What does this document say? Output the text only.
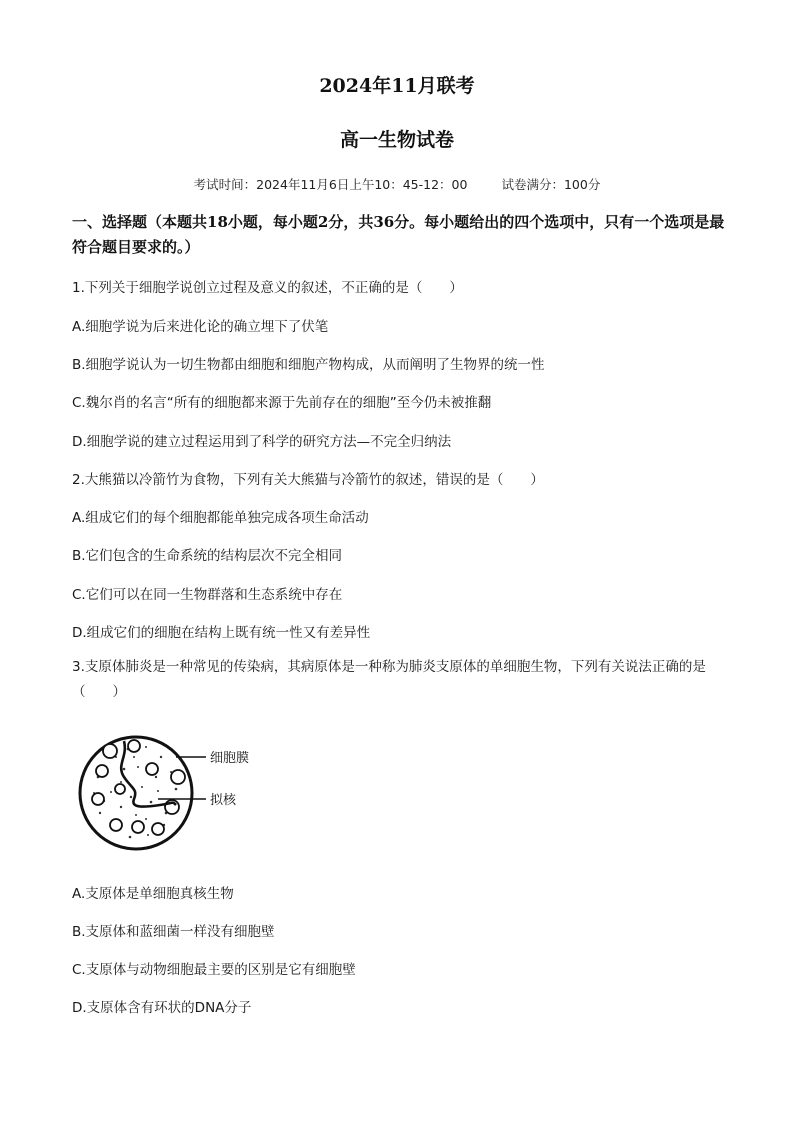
2024年11月联考
高一生物试卷
考试时间：2024年11月6日上午10：45-12：00	试卷满分：100分
一、选择题（本题共18小题，每小题2分，共36分。每小题给出的四个选项中，只有一个选项是最符合题目要求的。）
1.下列关于细胞学说创立过程及意义的叙述，不正确的是（　　）
A.细胞学说为后来进化论的确立埋下了伏笔
B.细胞学说认为一切生物都由细胞和细胞产物构成，从而阐明了生物界的统一性
C.魏尔肖的名言“所有的细胞都来源于先前存在的细胞”至今仍未被推翻
D.细胞学说的建立过程运用到了科学的研究方法—不完全归纳法
2.大熊猫以冷箭竹为食物，下列有关大熊猫与冷箭竹的叙述，错误的是（　　）
A.组成它们的每个细胞都能单独完成各项生命活动
B.它们包含的生命系统的结构层次不完全相同
C.它们可以在同一生物群落和生态系统中存在
D.组成它们的细胞在结构上既有统一性又有差异性
3.支原体肺炎是一种常见的传染病，其病原体是一种称为肺炎支原体的单细胞生物，下列有关说法正确的是（　　）
细胞膜
拟核
A.支原体是单细胞真核生物
B.支原体和蓝细菌一样没有细胞壁
C.支原体与动物细胞最主要的区别是它有细胞壁
D.支原体含有环状的DNA分子
